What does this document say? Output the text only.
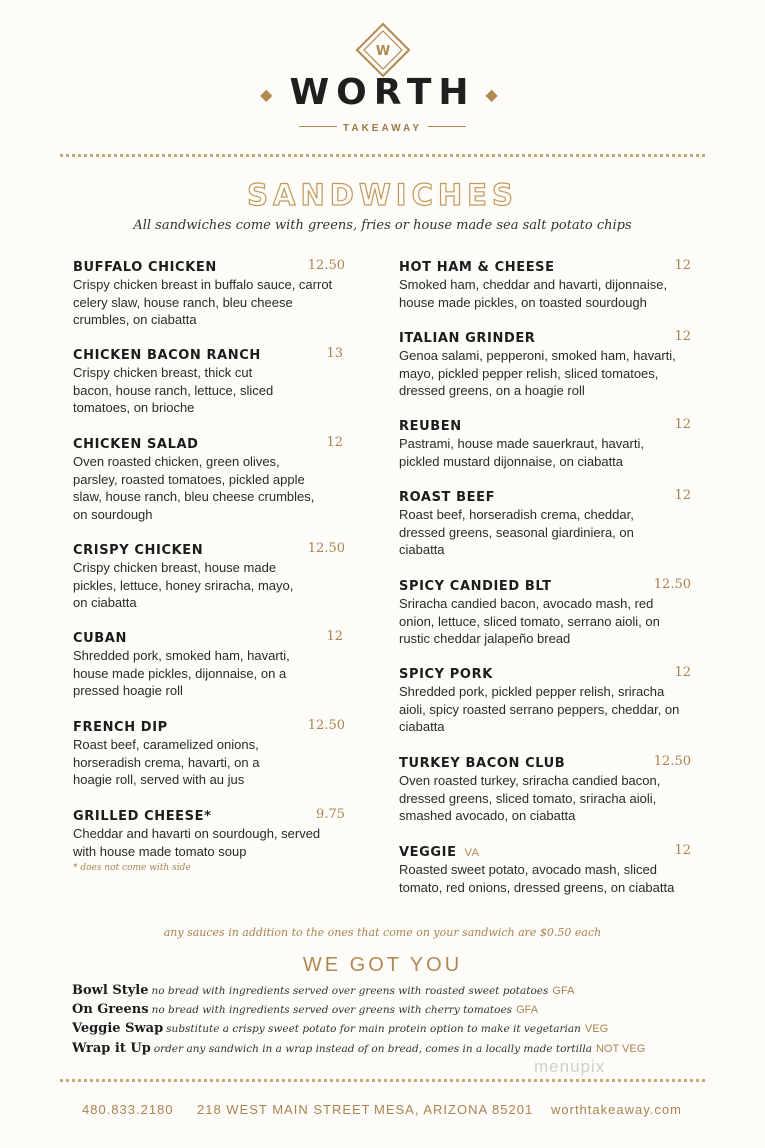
W
◆ WORTH ◆
TAKEAWAY
SANDWICHES
All sandwiches come with greens, fries or house made sea salt potato chips
BUFFALO CHICKEN	12.50
Crispy chicken breast in buffalo sauce, carrot celery slaw, house ranch, bleu cheese crumbles, on ciabatta
CHICKEN BACON RANCH	13
Crispy chicken breast, thick cut bacon, house ranch, lettuce, sliced tomatoes, on brioche
CHICKEN SALAD	12
Oven roasted chicken, green olives, parsley, roasted tomatoes, pickled apple slaw, house ranch, bleu cheese crumbles, on sourdough
CRISPY CHICKEN	12.50
Crispy chicken breast, house made pickles, lettuce, honey sriracha, mayo, on ciabatta
CUBAN	12
Shredded pork, smoked ham, havarti, house made pickles, dijonnaise, on a pressed hoagie roll
FRENCH DIP	12.50
Roast beef, caramelized onions, horseradish crema, havarti, on a hoagie roll, served with au jus
GRILLED CHEESE*	9.75
Cheddar and havarti on sourdough, served with house made tomato soup
* does not come with side
HOT HAM & CHEESE	12
Smoked ham, cheddar and havarti, dijonnaise, house made pickles, on toasted sourdough
ITALIAN GRINDER	12
Genoa salami, pepperoni, smoked ham, havarti, mayo, pickled pepper relish, sliced tomatoes, dressed greens, on a hoagie roll
REUBEN	12
Pastrami, house made sauerkraut, havarti, pickled mustard dijonnaise, on ciabatta
ROAST BEEF	12
Roast beef, horseradish crema, cheddar, dressed greens, seasonal giardiniera, on ciabatta
SPICY CANDIED BLT	12.50
Sriracha candied bacon, avocado mash, red onion, lettuce, sliced tomato, serrano aioli, on rustic cheddar jalapeño bread
SPICY PORK	12
Shredded pork, pickled pepper relish, sriracha aioli, spicy roasted serrano peppers, cheddar, on ciabatta
TURKEY BACON CLUB	12.50
Oven roasted turkey, sriracha candied bacon, dressed greens, sliced tomato, sriracha aioli, smashed avocado, on ciabatta
VEGGIE VA	12
Roasted sweet potato, avocado mash, sliced tomato, red onions, dressed greens, on ciabatta
any sauces in addition to the ones that come on your sandwich are $0.50 each
WE GOT YOU
Bowl Style no bread with ingredients served over greens with roasted sweet potatoes GFA
On Greens no bread with ingredients served over greens with cherry tomatoes GFA
Veggie Swap substitute a crispy sweet potato for main protein option to make it vegetarian VEG
Wrap it Up order any sandwich in a wrap instead of on bread, comes in a locally made tortilla NOT VEG
menupix
480.833.2180 218 WEST MAIN STREET MESA, ARIZONA 85201 worthtakeaway.com
